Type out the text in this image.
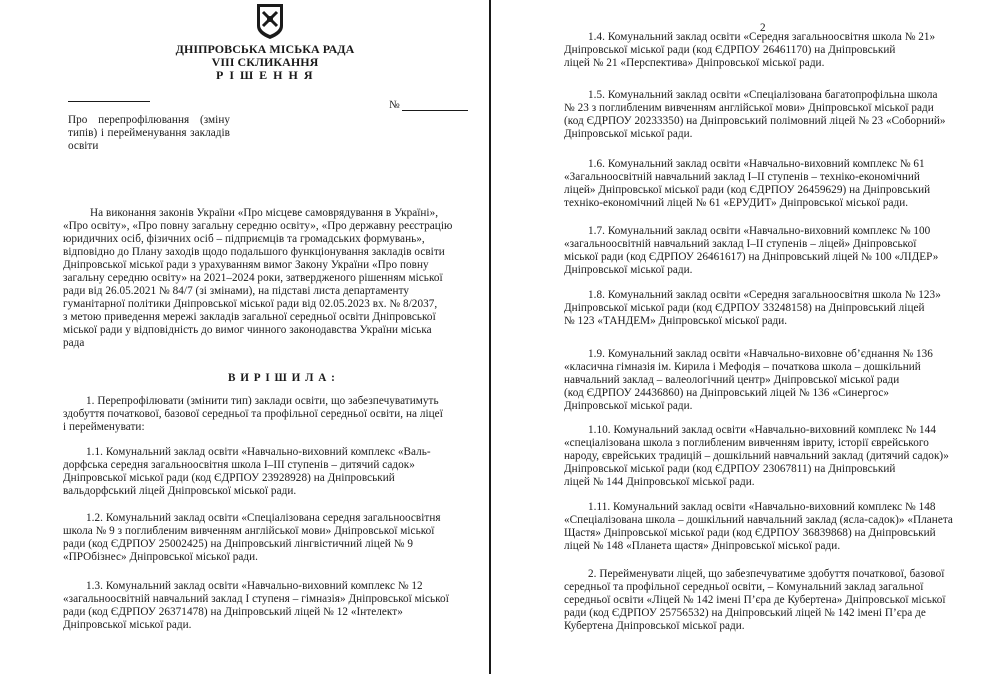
ДНІПРОВСЬКА МІСЬКА РАДА
VIII СКЛИКАННЯ
Р І Ш Е Н Н Я
№
Про перепрофілювання (зміну
типів) і перейменування закладів
освіти
На виконання законів України «Про місцеве самоврядування в Україні»,
«Про освіту», «Про повну загальну середню освіту», «Про державну реєстрацію
юридичних осіб, фізичних осіб – підприємців та громадських формувань»,
відповідно до Плану заходів щодо подальшого функціонування закладів освіти
Дніпровської міської ради з урахуванням вимог Закону України «Про повну
загальну середню освіту» на 2021–2024 роки, затвердженого рішенням міської
ради від 26.05.2021 № 84/7 (зі змінами), на підставі листа департаменту
гуманітарної політики Дніпровської міської ради від 02.05.2023 вх. № 8/2037,
з метою приведення мережі закладів загальної середньої освіти Дніпровської
міської ради у відповідність до вимог чинного законодавства України міська
рада
В И Р І Ш И Л А :
1. Перепрофілювати (змінити тип) заклади освіти, що забезпечуватимуть
здобуття початкової, базової середньої та профільної середньої освіти, на ліцеї
і перейменувати:
1.1. Комунальний заклад освіти «Навчально-виховний комплекс «Валь-
дорфська середня загальноосвітня школа І–ІІІ ступенів – дитячий садок»
Дніпровської міської ради (код ЄДРПОУ 23928928) на Дніпровський
вальдорфський ліцей Дніпровської міської ради.
1.2. Комунальний заклад освіти «Спеціалізована середня загальноосвітня
школа № 9 з поглибленим вивченням англійської мови» Дніпровської міської
ради (код ЄДРПОУ 25002425) на Дніпровський лінгвістичний ліцей № 9
«ПРОбізнес» Дніпровської міської ради.
1.3. Комунальний заклад освіти «Навчально-виховний комплекс № 12
«загальноосвітній навчальний заклад І ступеня – гімназія» Дніпровської міської
ради (код ЄДРПОУ 26371478) на Дніпровський ліцей № 12 «Інтелект»
Дніпровської міської ради.
2
1.4. Комунальний заклад освіти «Середня загальноосвітня школа № 21»
Дніпровської міської ради (код ЄДРПОУ 26461170) на Дніпровський
ліцей № 21 «Перспектива» Дніпровської міської ради.
1.5. Комунальний заклад освіти «Спеціалізована багатопрофільна школа
№ 23 з поглибленим вивченням англійської мови» Дніпровської міської ради
(код ЄДРПОУ 20233350) на Дніпровський полімовний ліцей № 23 «Соборний»
Дніпровської міської ради.
1.6. Комунальний заклад освіти «Навчально-виховний комплекс № 61
«Загальноосвітній навчальний заклад І–ІІ ступенів – техніко-економічний
ліцей» Дніпровської міської ради (код ЄДРПОУ 26459629) на Дніпровський
техніко-економічний ліцей № 61 «ЕРУДИТ» Дніпровської міської ради.
1.7. Комунальний заклад освіти «Навчально-виховний комплекс № 100
«загальноосвітній навчальний заклад І–ІІ ступенів – ліцей» Дніпровської
міської ради (код ЄДРПОУ 26461617) на Дніпровський ліцей № 100 «ЛІДЕР»
Дніпровської міської ради.
1.8. Комунальний заклад освіти «Середня загальноосвітня школа № 123»
Дніпровської міської ради (код ЄДРПОУ 33248158) на Дніпровський ліцей
№ 123 «ТАНДЕМ» Дніпровської міської ради.
1.9. Комунальний заклад освіти «Навчально-виховне об’єднання № 136
«класична гімназія ім. Кирила і Мефодія – початкова школа – дошкільний
навчальний заклад – валеологічний центр» Дніпровської міської ради
(код ЄДРПОУ 24436860) на Дніпровський ліцей № 136 «Синергос»
Дніпровської міської ради.
1.10. Комунальний заклад освіти «Навчально-виховний комплекс № 144
«спеціалізована школа з поглибленим вивченням івриту, історії єврейського
народу, єврейських традицій – дошкільний навчальний заклад (дитячий садок)»
Дніпровської міської ради (код ЄДРПОУ 23067811) на Дніпровський
ліцей № 144 Дніпровської міської ради.
1.11. Комунальний заклад освіти «Навчально-виховний комплекс № 148
«Спеціалізована школа – дошкільний навчальний заклад (ясла-садок)» «Планета
Щастя» Дніпровської міської ради (код ЄДРПОУ 36839868) на Дніпровський
ліцей № 148 «Планета щастя» Дніпровської міської ради.
2. Перейменувати ліцей, що забезпечуватиме здобуття початкової, базової
середньої та профільної середньої освіти, – Комунальний заклад загальної
середньої освіти «Ліцей № 142 імені П’єра де Кубертена» Дніпровської міської
ради (код ЄДРПОУ 25756532) на Дніпровський ліцей № 142 імені П’єра де
Кубертена Дніпровської міської ради.
